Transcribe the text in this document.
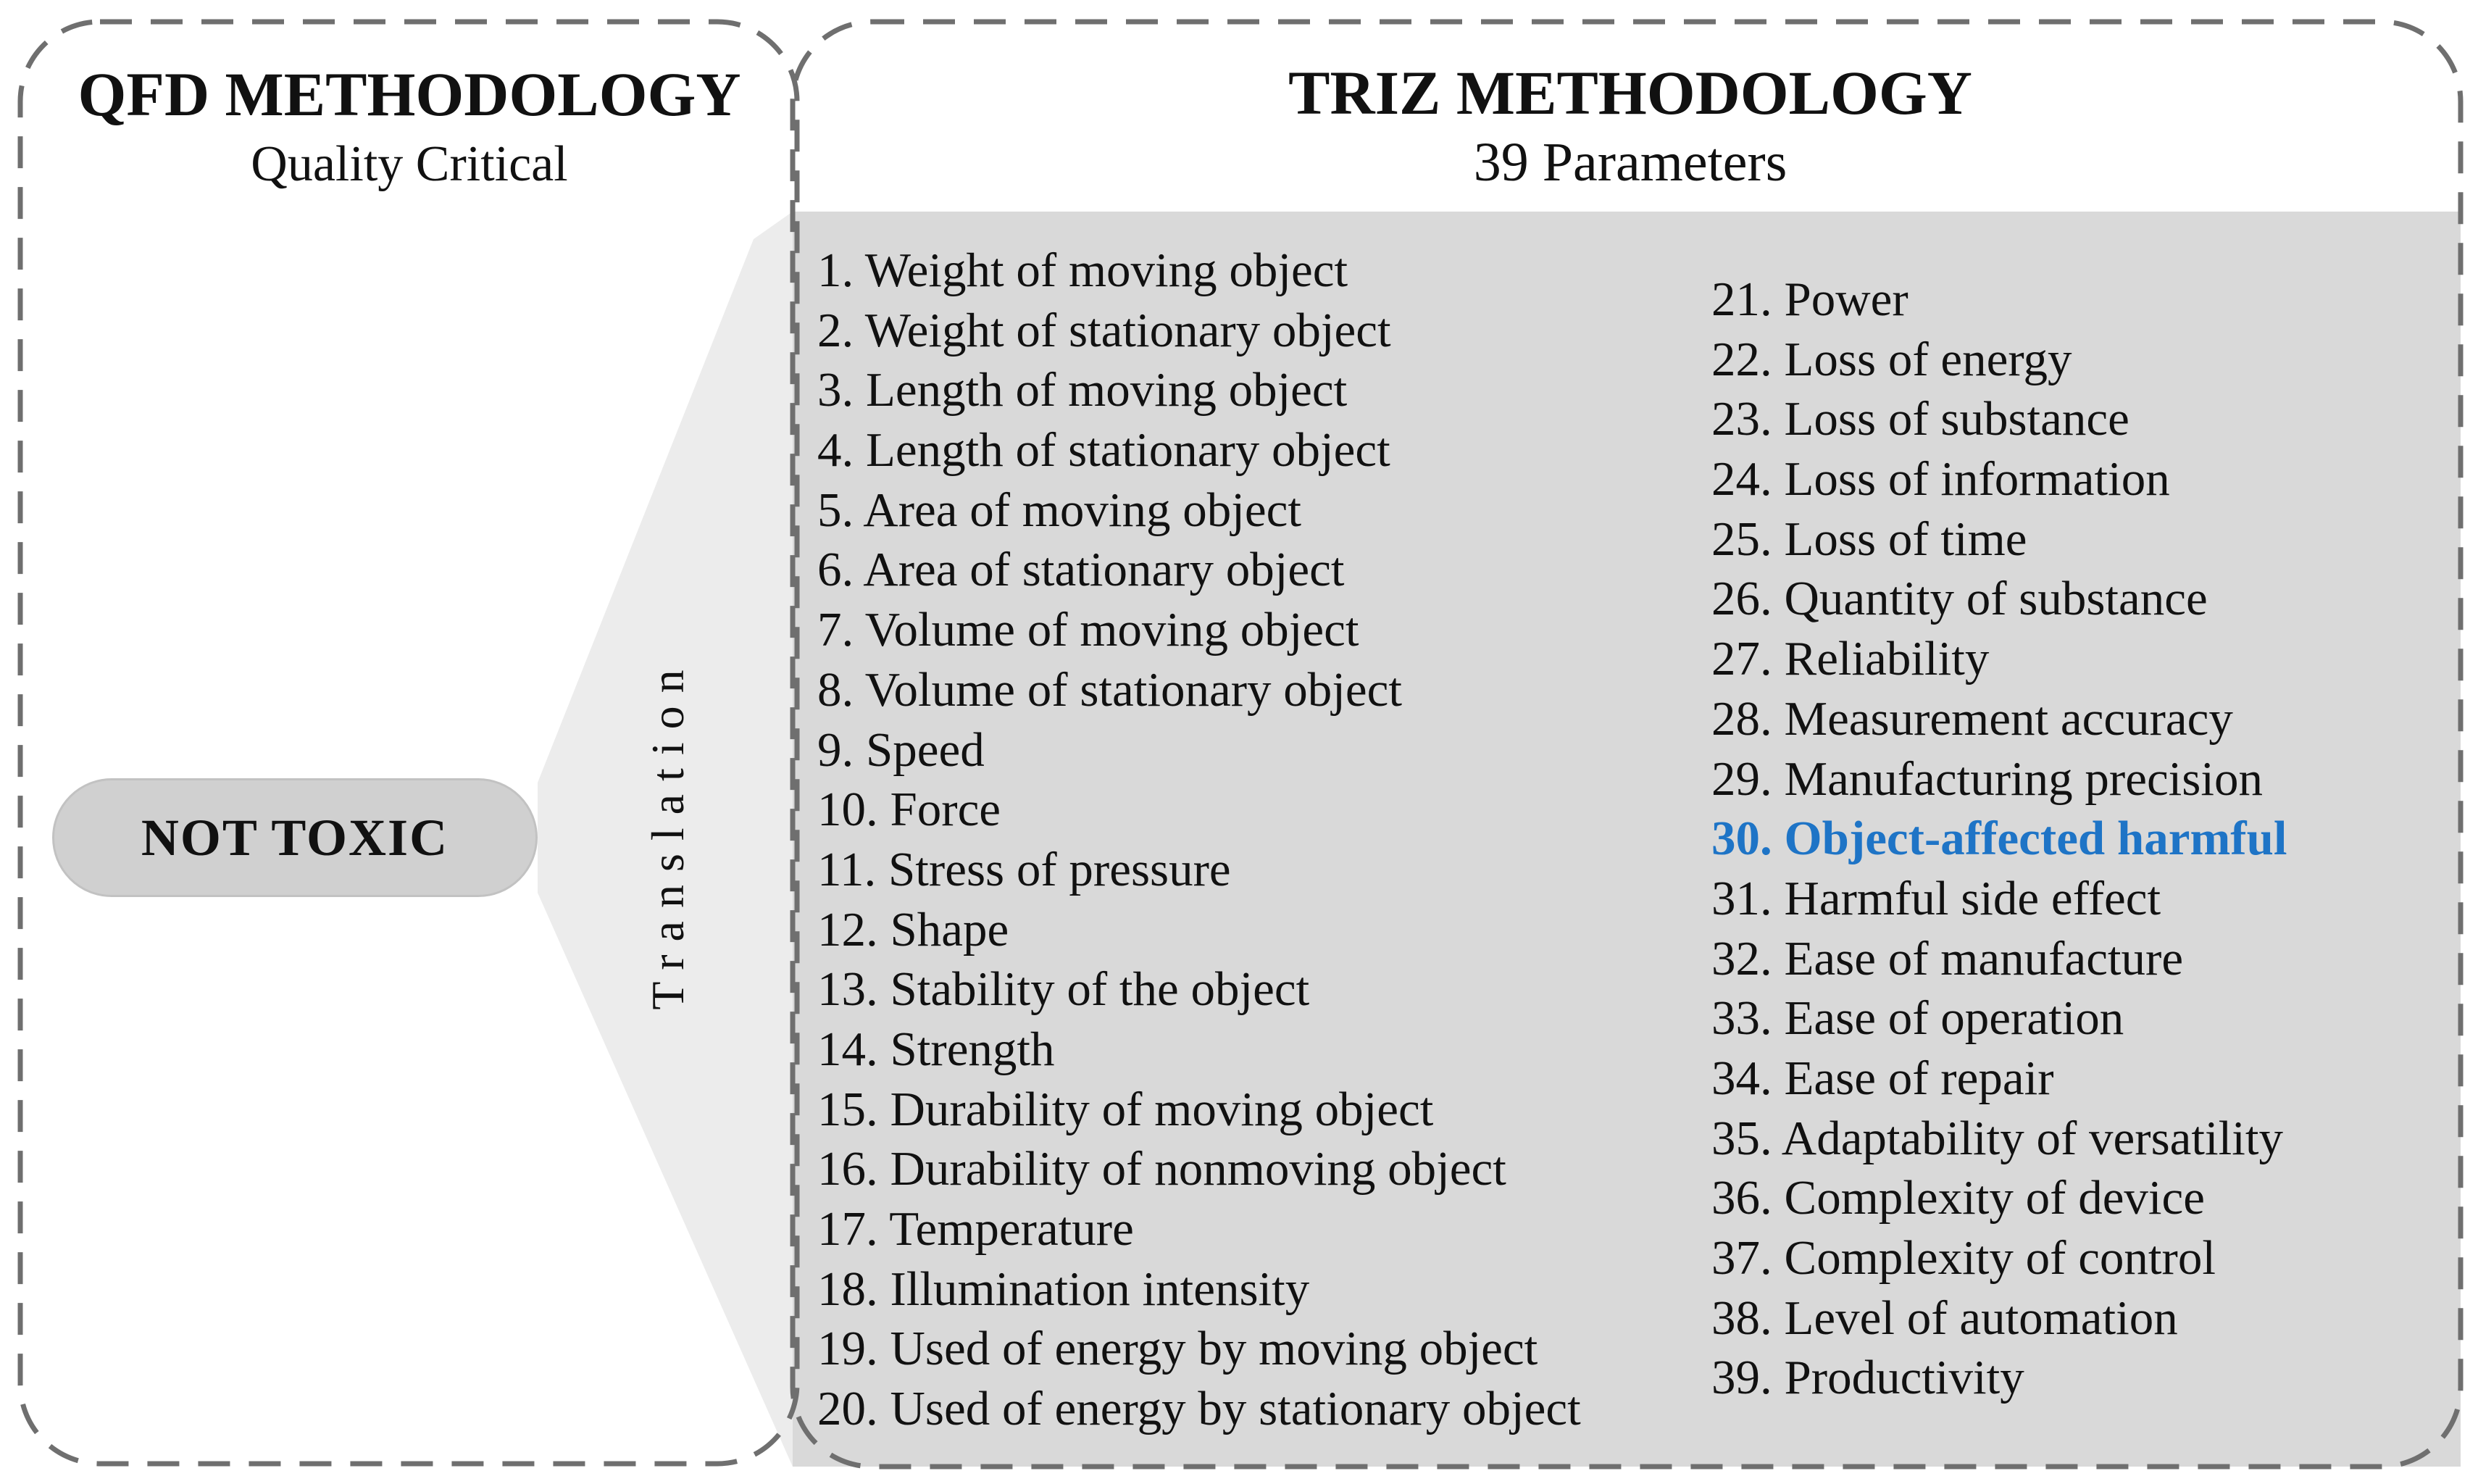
QFD METHODOLOGY
Quality Critical
TRIZ METHODOLOGY
39 Parameters
NOT TOXIC	Translation
1. Weight of moving object
2. Weight of stationary object
3. Length of moving object
4. Length of stationary object
5. Area of moving object
6. Area of stationary object
7. Volume of moving object
8. Volume of stationary object
9. Speed
10. Force
11. Stress of pressure
12. Shape
13. Stability of the object
14. Strength
15. Durability of moving object
16. Durability of nonmoving object
17. Temperature
18. Illumination intensity
19. Used of energy by moving object
20. Used of energy by stationary object
21. Power
22. Loss of energy
23. Loss of substance
24. Loss of information
25. Loss of time
26. Quantity of substance
27. Reliability
28. Measurement accuracy
29. Manufacturing precision
30. Object-affected harmful
31. Harmful side effect
32. Ease of manufacture
33. Ease of operation
34. Ease of repair
35. Adaptability of versatility
36. Complexity of device
37. Complexity of control
38. Level of automation
39. Productivity
